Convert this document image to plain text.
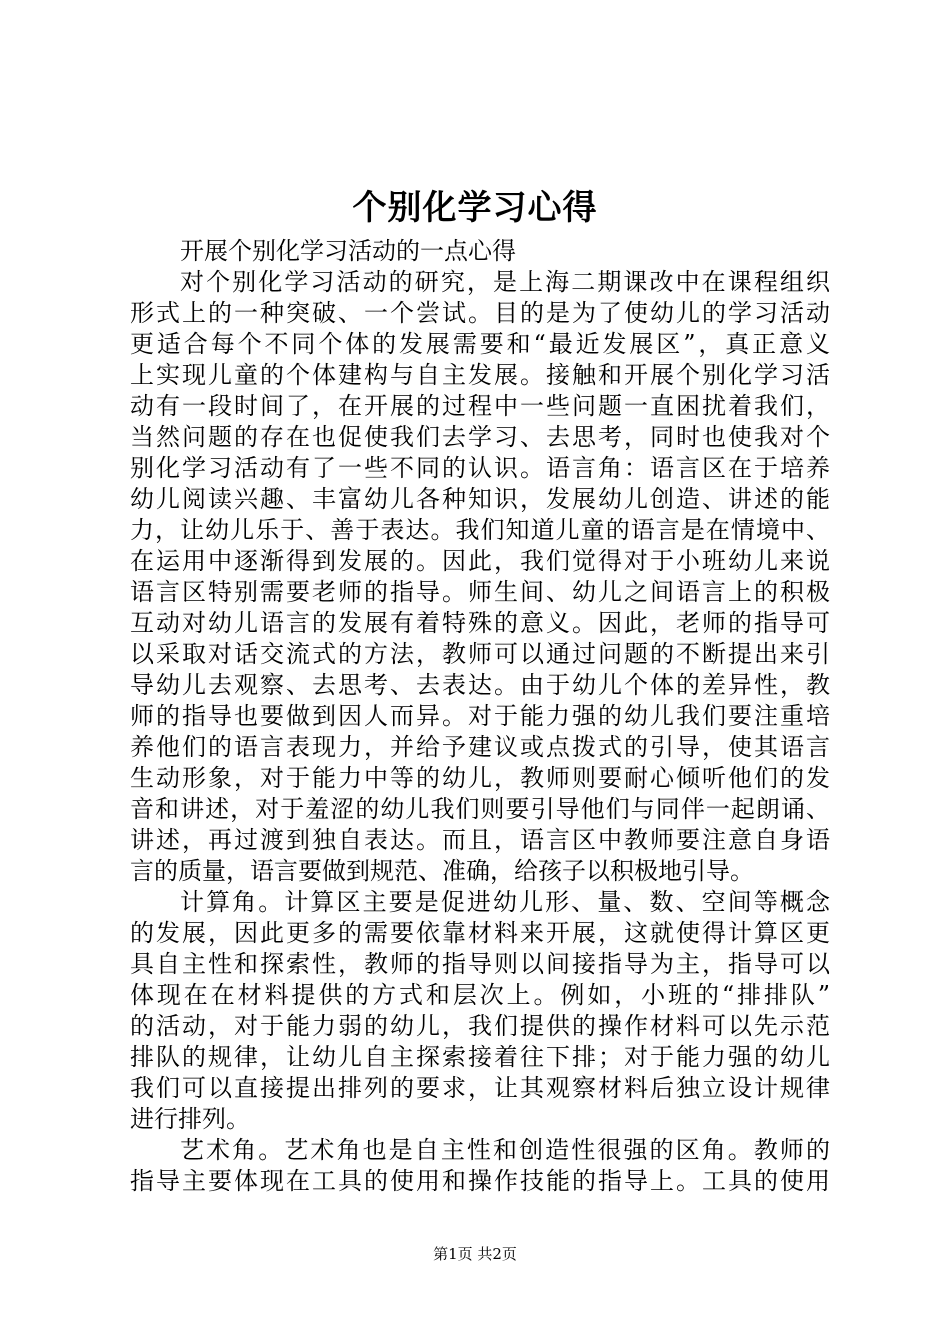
个别化学习心得
开展个别化学习活动的一点心得
对个别化学习活动的研究，是上海二期课改中在课程组织
形式上的一种突破、一个尝试。目的是为了使幼儿的学习活动
更适合每个不同个体的发展需要和“最近发展区”，真正意义
上实现儿童的个体建构与自主发展。接触和开展个别化学习活
动有一段时间了，在开展的过程中一些问题一直困扰着我们，
当然问题的存在也促使我们去学习、去思考，同时也使我对个
别化学习活动有了一些不同的认识。语言角：语言区在于培养
幼儿阅读兴趣、丰富幼儿各种知识，发展幼儿创造、讲述的能
力，让幼儿乐于、善于表达。我们知道儿童的语言是在情境中、
在运用中逐渐得到发展的。因此，我们觉得对于小班幼儿来说
语言区特别需要老师的指导。师生间、幼儿之间语言上的积极
互动对幼儿语言的发展有着特殊的意义。因此，老师的指导可
以采取对话交流式的方法，教师可以通过问题的不断提出来引
导幼儿去观察、去思考、去表达。由于幼儿个体的差异性，教
师的指导也要做到因人而异。对于能力强的幼儿我们要注重培
养他们的语言表现力，并给予建议或点拨式的引导，使其语言
生动形象，对于能力中等的幼儿，教师则要耐心倾听他们的发
音和讲述，对于羞涩的幼儿我们则要引导他们与同伴一起朗诵、
讲述，再过渡到独自表达。而且，语言区中教师要注意自身语
言的质量，语言要做到规范、准确，给孩子以积极地引导。
计算角。计算区主要是促进幼儿形、量、数、空间等概念
的发展，因此更多的需要依靠材料来开展，这就使得计算区更
具自主性和探索性，教师的指导则以间接指导为主，指导可以
体现在在材料提供的方式和层次上。例如，小班的“排排队”
的活动，对于能力弱的幼儿，我们提供的操作材料可以先示范
排队的规律，让幼儿自主探索接着往下排；对于能力强的幼儿
我们可以直接提出排列的要求，让其观察材料后独立设计规律
进行排列。
艺术角。艺术角也是自主性和创造性很强的区角。教师的
指导主要体现在工具的使用和操作技能的指导上。工具的使用
第1页 共2页
